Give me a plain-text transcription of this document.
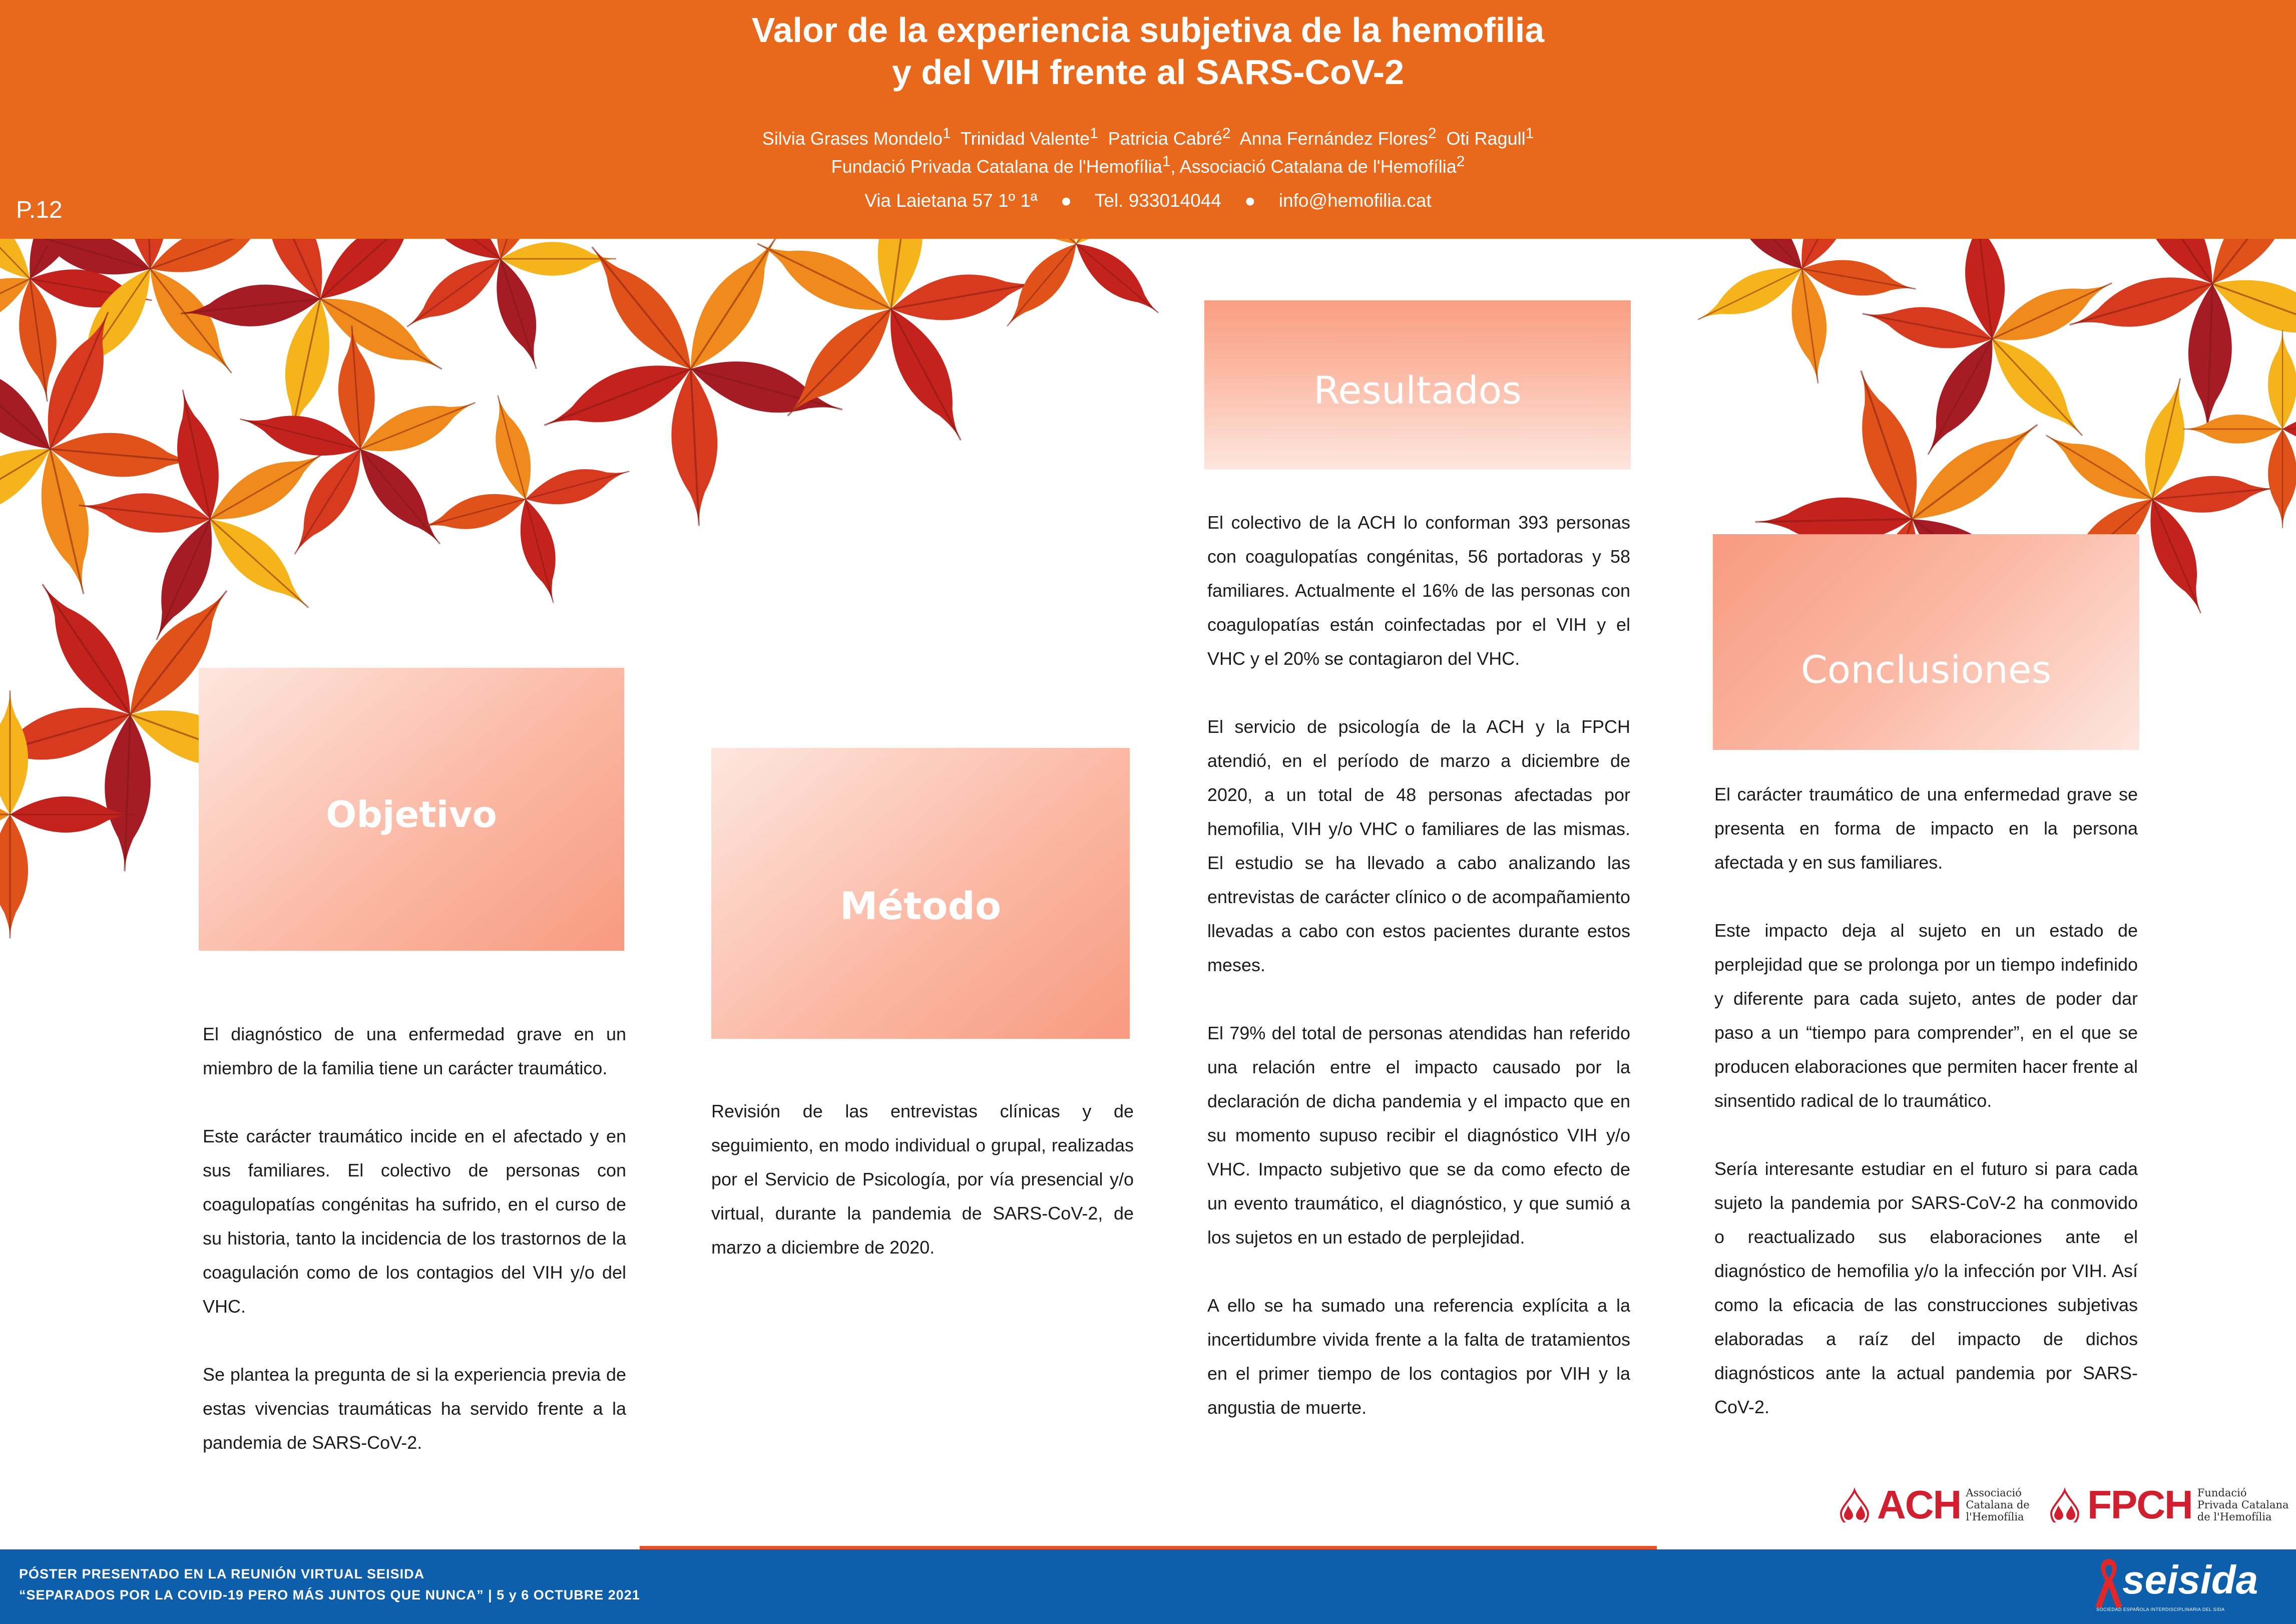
Valor de la experiencia subjetiva de la hemofilia
y del VIH frente al SARS-CoV-2
Silvia Grases Mondelo$^1$ Trinidad Valente$^1$ Patricia Cabré$^2$ Anna Fernández Flores$^2$ Oti Ragull$^1$
Fundació Privada Catalana de l'Hemofília$^1$, Associació Catalana de l'Hemofília$^2$
Via Laietana 57 1º 1ª ● Tel. 933014044 ● info@hemofilia.cat
P.12
Objetivo
Método
Resultados
Conclusiones

El diagnóstico de una enfermedad grave en un miembro de la familia tiene un carácter traumático.

Este carácter traumático incide en el afectado y en sus familiares. El colectivo de personas con coagulopatías congénitas ha sufrido, en el curso de su historia, tanto la incidencia de los trastornos de la coagulación como de los contagios del VIH y/o del VHC.

Se plantea la pregunta de si la experiencia previa de estas vivencias traumáticas ha servido frente a la pandemia de SARS-CoV-2.

Revisión de las entrevistas clínicas y de seguimiento, en modo individual o grupal, realizadas por el Servicio de Psicología, por vía presencial y/o virtual, durante la pandemia de SARS-CoV-2, de marzo a diciembre de 2020.

El colectivo de la ACH lo conforman 393 personas con coagulopatías congénitas, 56 portadoras y 58 familiares. Actualmente el 16% de las personas con coagulopatías están coinfectadas por el VIH y el VHC y el 20% se contagiaron del VHC.

El servicio de psicología de la ACH y la FPCH atendió, en el período de marzo a diciembre de 2020, a un total de 48 personas afectadas por hemofilia, VIH y/o VHC o familiares de las mismas. El estudio se ha llevado a cabo analizando las entrevistas de carácter clínico o de acompañamiento llevadas a cabo con estos pacientes durante estos meses.

El 79% del total de personas atendidas han referido una relación entre el impacto causado por la declaración de dicha pandemia y el impacto que en su momento supuso recibir el diagnóstico VIH y/o VHC. Impacto subjetivo que se da como efecto de un evento traumático, el diagnóstico, y que sumió a los sujetos en un estado de perplejidad.

A ello se ha sumado una referencia explícita a la incertidumbre vivida frente a la falta de tratamientos en el primer tiempo de los contagios por VIH y la angustia de muerte.

El carácter traumático de una enfermedad grave se presenta en forma de impacto en la persona afectada y en sus familiares.

Este impacto deja al sujeto en un estado de perplejidad que se prolonga por un tiempo indefinido y diferente para cada sujeto, antes de poder dar paso a un “tiempo para comprender”, en el que se producen elaboraciones que permiten hacer frente al sinsentido radical de lo traumático.

Sería interesante estudiar en el futuro si para cada sujeto la pandemia por SARS-CoV-2 ha conmovido o reactualizado sus elaboraciones ante el diagnóstico de hemofilia y/o la infección por VIH. Así como la eficacia de las construcciones subjetivas elaboradas a raíz del impacto de dichos diagnósticos ante la actual pandemia por SARS-CoV-2.

ACH Associació
Catalana de
l'Hemofília FPCH Fundació
Privada Catalana
de l'Hemofília
PÓSTER PRESENTADO EN LA REUNIÓN VIRTUAL SEISIDA
“SEPARADOS POR LA COVID-19 PERO MÁS JUNTOS QUE NUNCA” | 5 y 6 OCTUBRE 2021	seisida
SOCIEDAD ESPAÑOLA INTERDISCIPLINARIA DEL SIDA
